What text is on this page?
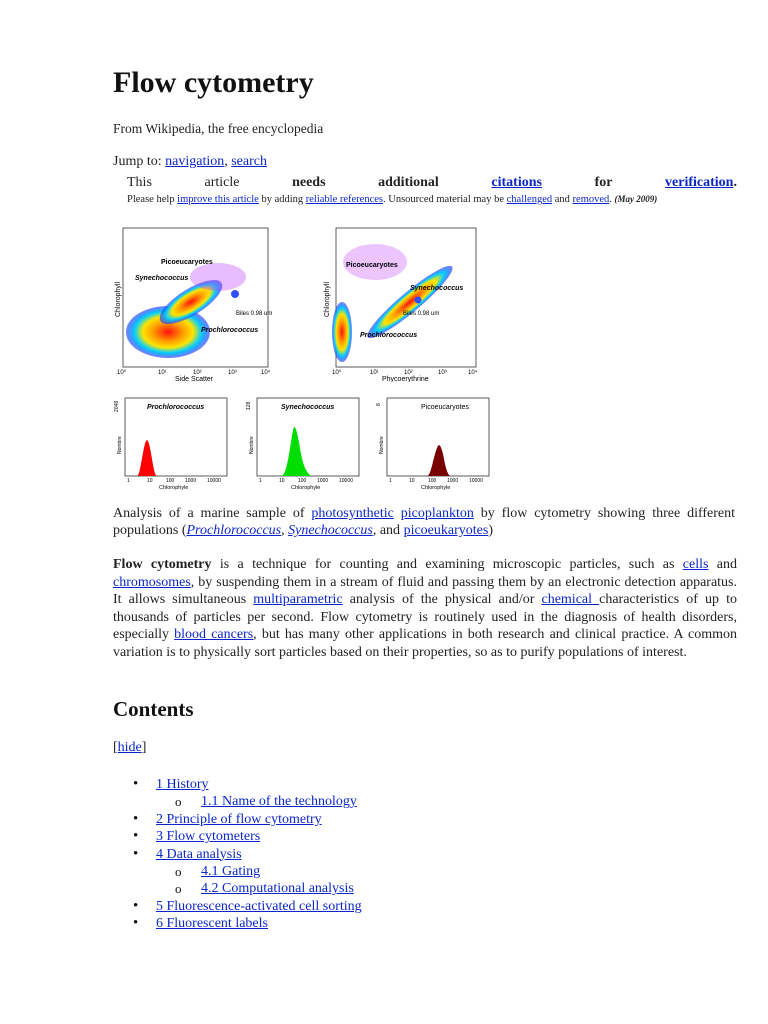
Flow cytometry
From Wikipedia, the free encyclopedia
Jump to: navigation, search
This	article	needs	additional	citations	for	verification.
Please help improve this article by adding reliable references. Unsourced material may be challenged and removed. (May 2009)
Picoeucaryotes
Synechococcus
Prochlorococcus
Biles 0.98 um
10⁰	10¹	10²	10³	10⁴
Side Scatter
Chlorophyll
Picoeucaryotes
Synechococcus
Prochlorococcus
Biles 0.98 um
10⁰	10¹	10²	10³	10⁴
Phycoerythrine
Chlorophyll
Prochlorococcus
2048
Nombre
1	10	100 1000 10000
Chlorophyle
Synechococcus
128
Nombre
1	10	100 1000 10000
Chlorophyle
Picoeucaryotes
8
Nombre
1	10	100 1000 10000
Chlorophyle
Analysis of a marine sample of photosynthetic picoplankton by flow cytometry showing three different populations (Prochlorococcus, Synechococcus, and picoeukaryotes)
Flow cytometry is a technique for counting and examining microscopic particles, such as cells and chromosomes, by suspending them in a stream of fluid and passing them by an electronic detection apparatus. It allows simultaneous multiparametric analysis of the physical and/or chemical characteristics of up to thousands of particles per second. Flow cytometry is routinely used in the diagnosis of health disorders, especially blood cancers, but has many other applications in both research and clinical practice. A common variation is to physically sort particles based on their properties, so as to purify populations of interest.
Contents
[hide]
• 1 History
o 1.1 Name of the technology
• 2 Principle of flow cytometry
• 3 Flow cytometers
• 4 Data analysis
o 4.1 Gating
o 4.2 Computational analysis
• 5 Fluorescence-activated cell sorting
• 6 Fluorescent labels
